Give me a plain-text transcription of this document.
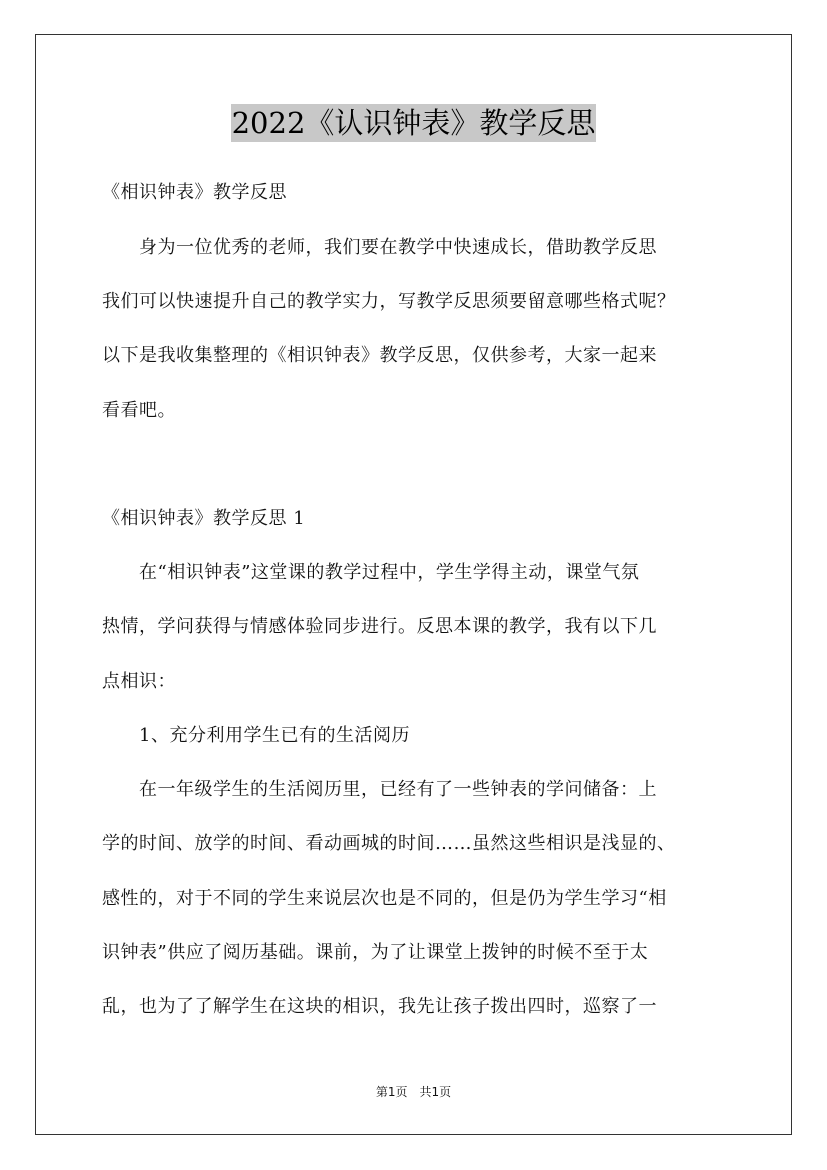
2022《认识钟表》教学反思
《相识钟表》教学反思
　　身为一位优秀的老师，我们要在教学中快速成长，借助教学反思
我们可以快速提升自己的教学实力，写教学反思须要留意哪些格式呢？
以下是我收集整理的《相识钟表》教学反思，仅供参考，大家一起来
看看吧。
《相识钟表》教学反思 1
　　在“相识钟表”这堂课的教学过程中，学生学得主动，课堂气氛
热情，学问获得与情感体验同步进行。反思本课的教学，我有以下几
点相识：
　　1、充分利用学生已有的生活阅历
　　在一年级学生的生活阅历里，已经有了一些钟表的学问储备：上
学的时间、放学的时间、看动画城的时间……虽然这些相识是浅显的、
感性的，对于不同的学生来说层次也是不同的，但是仍为学生学习“相
识钟表”供应了阅历基础。课前，为了让课堂上拨钟的时候不至于太
乱，也为了了解学生在这块的相识，我先让孩子拨出四时，巡察了一
第1页　共1页
